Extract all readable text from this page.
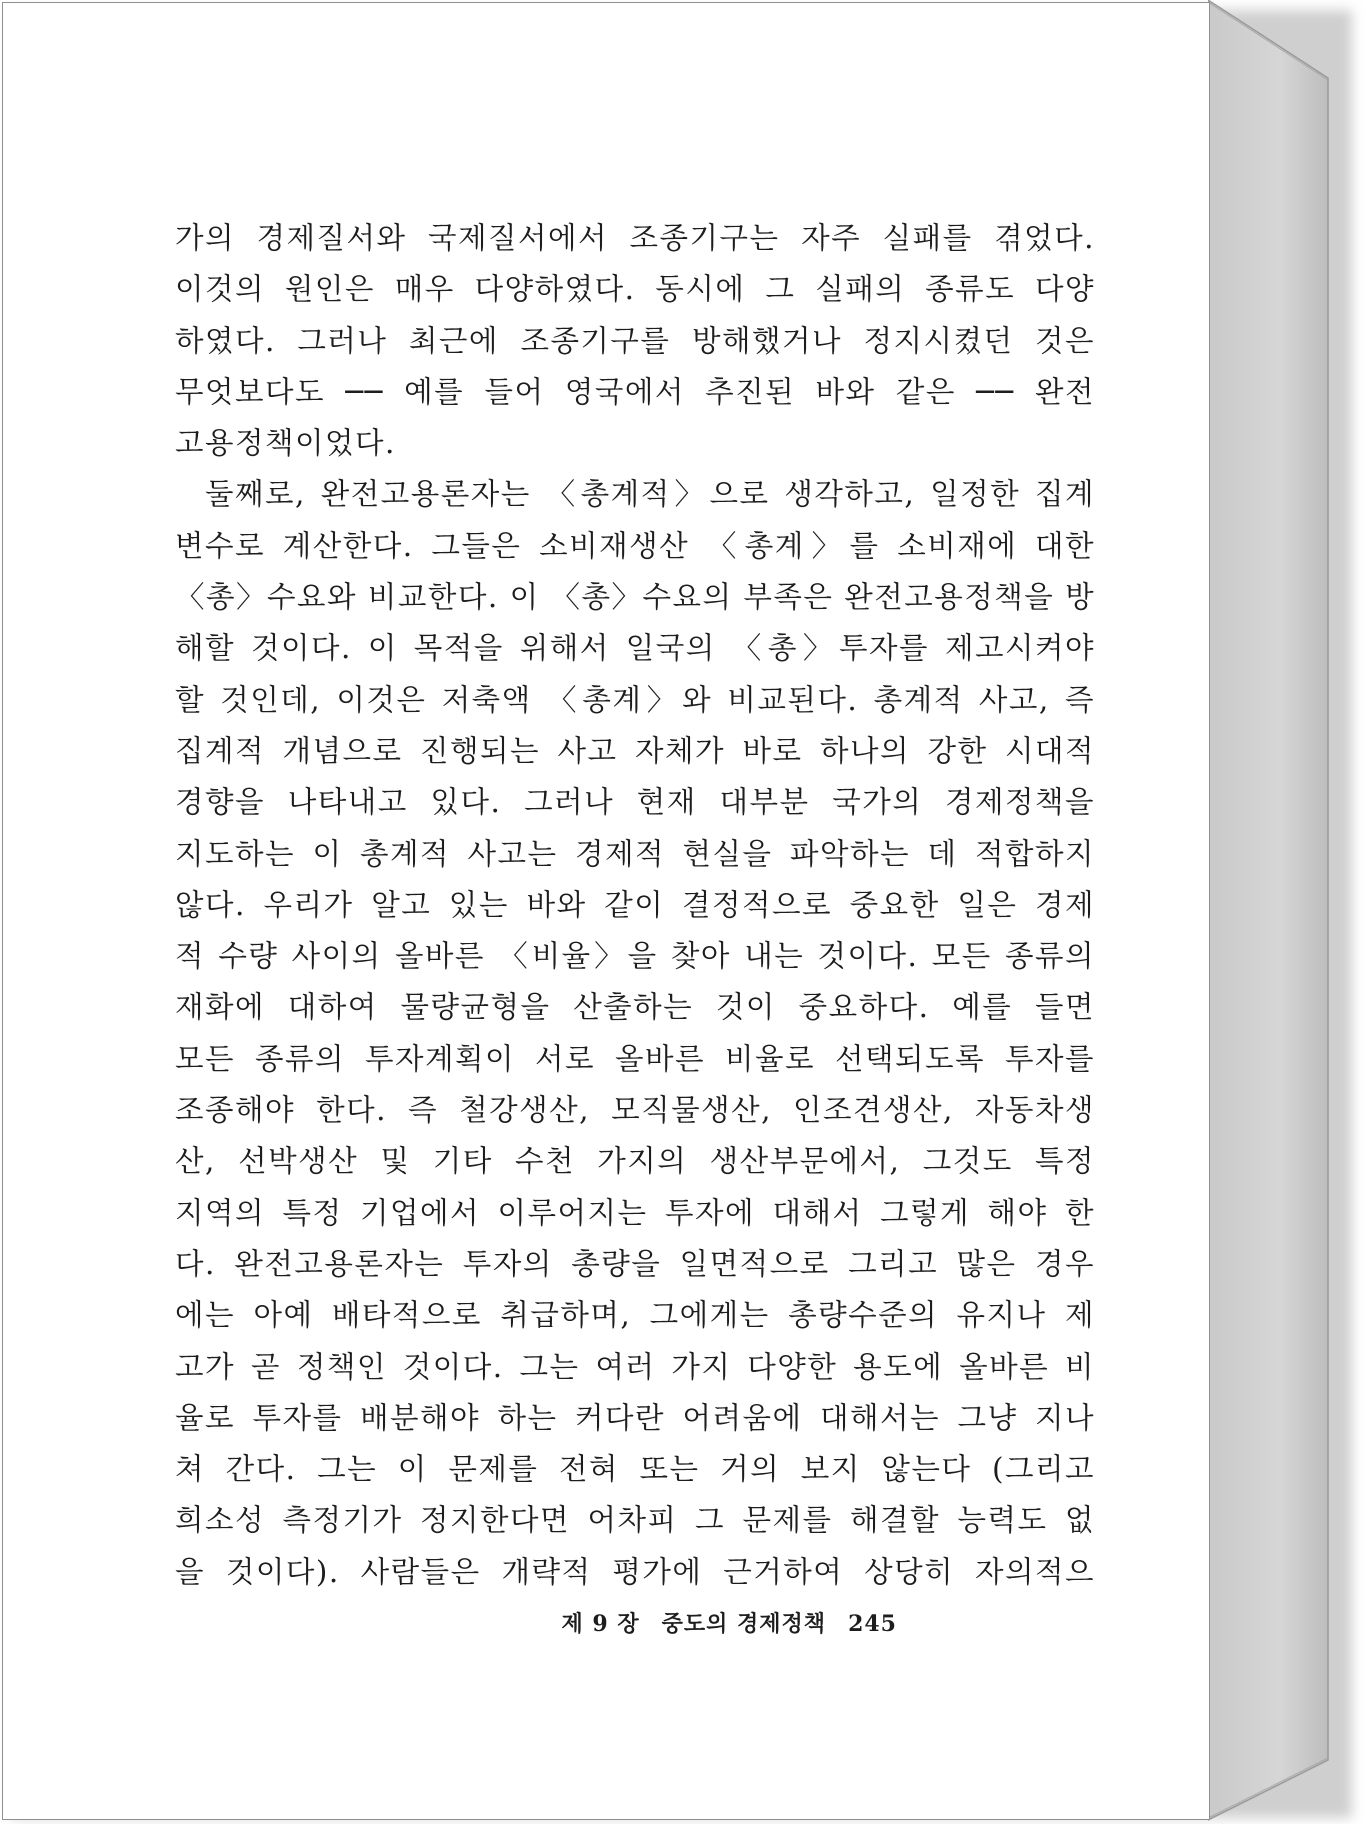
가의 경제질서와 국제질서에서 조종기구는 자주 실패를 겪었다.
이것의 원인은 매우 다양하였다. 동시에 그 실패의 종류도 다양
하였다. 그러나 최근에 조종기구를 방해했거나 정지시켰던 것은
무엇보다도 ── 예를 들어 영국에서 추진된 바와 같은 ── 완전
고용정책이었다.
둘째로, 완전고용론자는 〈총계적〉으로 생각하고, 일정한 집계
변수로 계산한다. 그들은 소비재생산 〈총계〉를 소비재에 대한
〈총〉수요와 비교한다. 이 〈총〉수요의 부족은 완전고용정책을 방
해할 것이다. 이 목적을 위해서 일국의 〈총〉투자를 제고시켜야
할 것인데, 이것은 저축액 〈총계〉와 비교된다. 총계적 사고, 즉
집계적 개념으로 진행되는 사고 자체가 바로 하나의 강한 시대적
경향을 나타내고 있다. 그러나 현재 대부분 국가의 경제정책을
지도하는 이 총계적 사고는 경제적 현실을 파악하는 데 적합하지
않다. 우리가 알고 있는 바와 같이 결정적으로 중요한 일은 경제
적 수량 사이의 올바른 〈비율〉을 찾아 내는 것이다. 모든 종류의
재화에 대하여 물량균형을 산출하는 것이 중요하다. 예를 들면
모든 종류의 투자계획이 서로 올바른 비율로 선택되도록 투자를
조종해야 한다. 즉 철강생산, 모직물생산, 인조견생산, 자동차생
산, 선박생산 및 기타 수천 가지의 생산부문에서, 그것도 특정
지역의 특정 기업에서 이루어지는 투자에 대해서 그렇게 해야 한
다. 완전고용론자는 투자의 총량을 일면적으로 그리고 많은 경우
에는 아예 배타적으로 취급하며, 그에게는 총량수준의 유지나 제
고가 곧 정책인 것이다. 그는 여러 가지 다양한 용도에 올바른 비
율로 투자를 배분해야 하는 커다란 어려움에 대해서는 그냥 지나
쳐 간다. 그는 이 문제를 전혀 또는 거의 보지 않는다 (그리고
희소성 측정기가 정지한다면 어차피 그 문제를 해결할 능력도 없
을 것이다). 사람들은 개략적 평가에 근거하여 상당히 자의적으
제 9 장 중도의 경제정책 245
